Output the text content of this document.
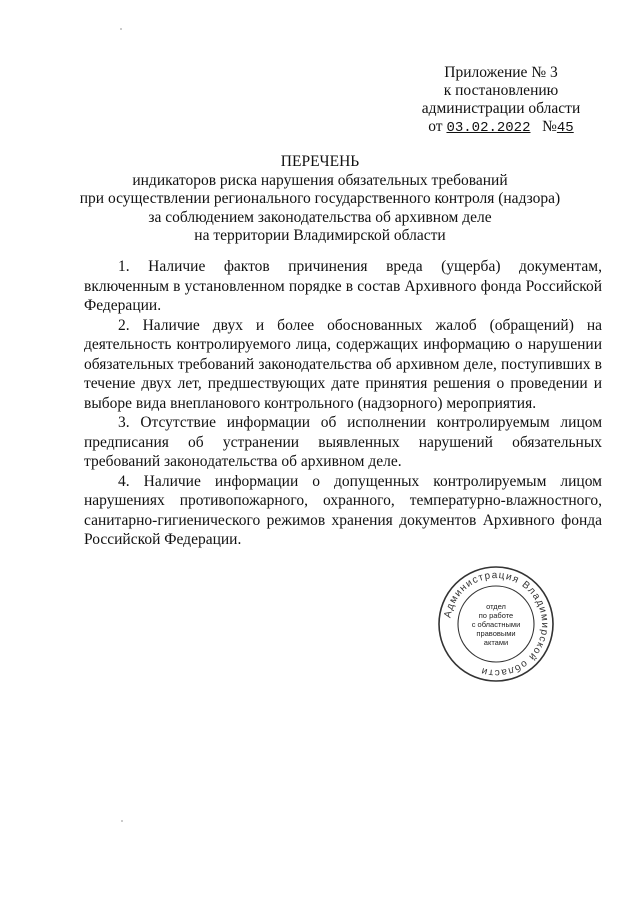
Приложение № 3
к постановлению
администрации области
от 03.02.2022 №45
ПЕРЕЧЕНЬ
индикаторов риска нарушения обязательных требований
при осуществлении регионального государственного контроля (надзора)
за соблюдением законодательства об архивном деле
на территории Владимирской области

1. Наличие фактов причинения вреда (ущерба) документам, включенным в установленном порядке в состав Архивного фонда Российской Федерации.

2. Наличие двух и более обоснованных жалоб (обращений) на деятельность контролируемого лица, содержащих информацию о нарушении обязательных требований законодательства об архивном деле, поступивших в течение двух лет, предшествующих дате принятия решения о проведении и выборе вида внепланового контрольного (надзорного) мероприятия.

3. Отсутствие информации об исполнении контролируемым лицом предписания об устранении выявленных нарушений обязательных требований законодательства об архивном деле.

4. Наличие информации о допущенных контролируемым лицом нарушениях противопожарного, охранного, температурно-влажностного, санитарно-гигиенического режимов хранения документов Архивного фонда Российской Федерации.

Администрация Владимирской области
отдел
по работе
с областными
правовыми
актами
